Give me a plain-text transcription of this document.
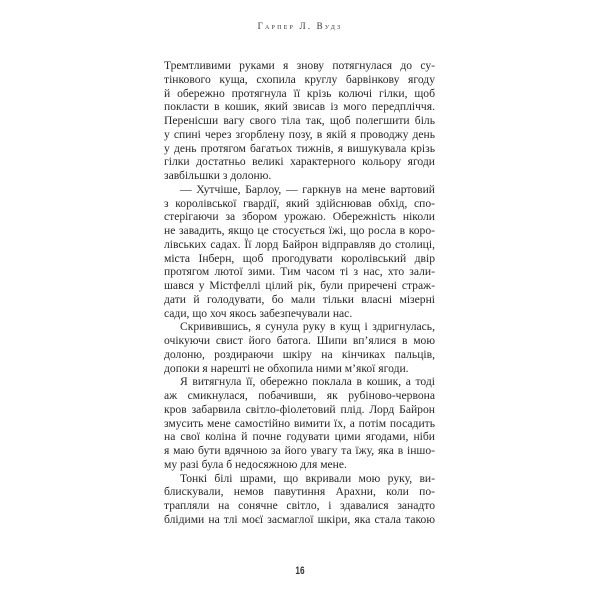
Гарпер Л. Вудз
Тремтливими руками я знову потягнулася до су-
тінкового куща, схопила круглу барвінкову ягоду
й обережно протягнула її крізь колючі гілки, щоб
покласти в кошик, який звисав із мого передпліччя.
Перенісши вагу свого тіла так, щоб полегшити біль
у спині через згорблену позу, в якій я проводжу день
у день протягом багатьох тижнів, я вишукувала крізь
гілки достатньо великі характерного кольору ягоди
завбільшки з долоню.
— Хутчіше, Барлоу, — гаркнув на мене вартовий
з королівської гвардії, який здійснював обхід, спо-
стерігаючи за збором урожаю. Обережність ніколи
не завадить, якщо це стосується їжі, що росла в коро-
лівських садах. Її лорд Байрон відправляв до столиці,
міста Інберн, щоб прогодувати королівський двір
протягом лютої зими. Тим часом ті з нас, хто зали-
шався у Містфеллі цілий рік, були приречені страж-
дати й голодувати, бо мали тільки власні мізерні
сади, що хоч якось забезпечували нас.
Скривившись, я сунула руку в кущ і здригнулась,
очікуючи свист його батога. Шипи вп’ялися в мою
долоню, роздираючи шкіру на кінчиках пальців,
допоки я нарешті не обхопила ними м’якої ягоди.
Я витягнула її, обережно поклала в кошик, а тоді
аж смикнулася, побачивши, як рубіново-червона
кров забарвила світло-фіолетовий плід. Лорд Байрон
змусить мене самостійно вимити їх, а потім посадить
на свої коліна й почне годувати цими ягодами, ніби
я маю бути вдячною за його увагу та їжу, яка в іншо-
му разі була б недосяжною для мене.
Тонкі білі шрами, що вкривали мою руку, ви-
блискували, немов павутиння Арахни, коли по-
трапляли на сонячне світло, і здавалися занадто
блідими на тлі моєї засмаглої шкіри, яка стала такою
16
